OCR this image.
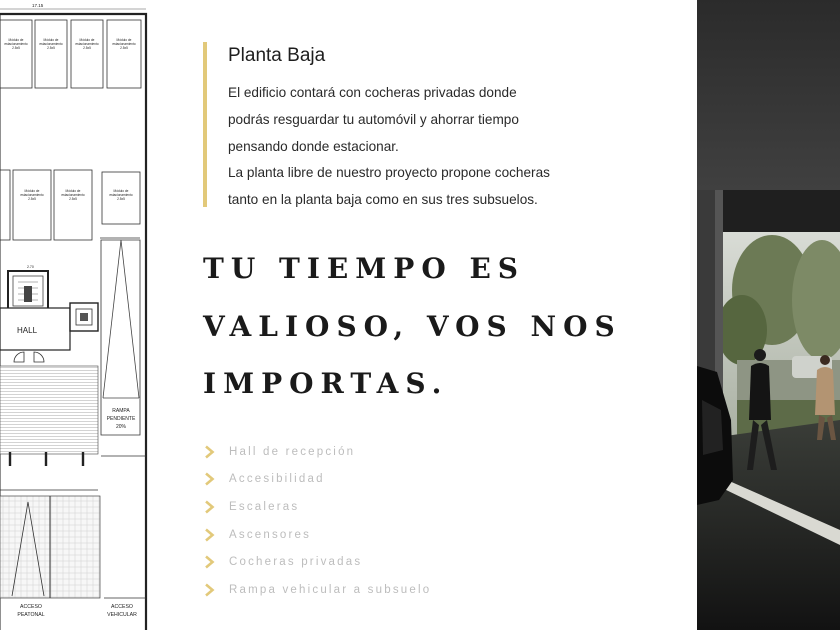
17.15
Módulo de
estacionamiento
2.5x5
Módulo de
estacionamiento
2.5x5
Módulo de
estacionamiento
2.5x5
Módulo de
estacionamiento
2.5x5
Módulo de
estacionamiento
2.5x5
Módulo de
estacionamiento
2.5x5
Módulo de
estacionamiento
2.5x5
2.70
HALL
RAMPA
PENDIENTE
20%
ACCESO
PEATONAL
ACCESO
VEHICULAR
Planta Baja

El edificio contará con cocheras privadas donde

podrás resguardar tu automóvil y ahorrar tiempo

pensando donde estacionar.

La planta libre de nuestro proyecto propone cocheras

tanto en la planta baja como en sus tres subsuelos.

TU TIEMPO ES
VALIOSO, VOS NOS
IMPORTAS.
Hall de recepción
Accesibilidad
Escaleras
Ascensores
Cocheras privadas
Rampa vehicular a subsuelo
